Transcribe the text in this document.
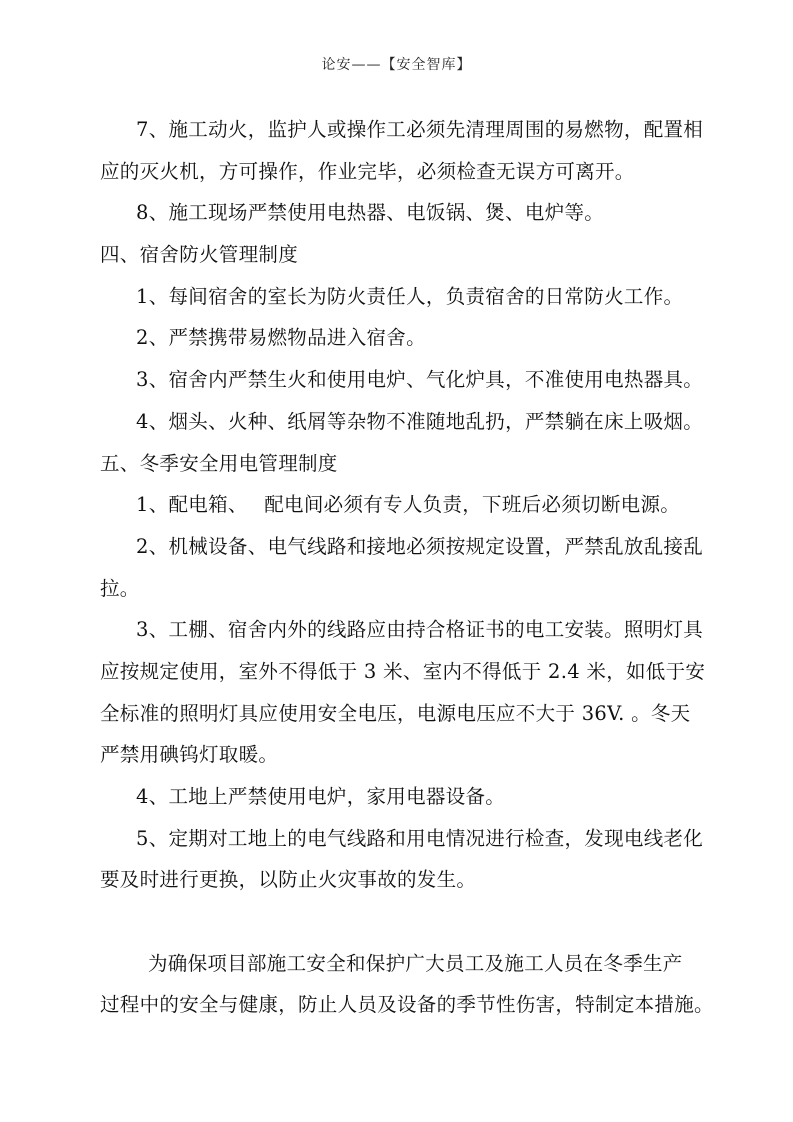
论安——【安全智库】
7、施工动火，监护人或操作工必须先清理周围的易燃物，配置相
应的灭火机，方可操作，作业完毕，必须检查无误方可离开。
8、施工现场严禁使用电热器、电饭锅、煲、电炉等。
四、宿舍防火管理制度
1、每间宿舍的室长为防火责任人，负责宿舍的日常防火工作。
2、严禁携带易燃物品进入宿舍。
3、宿舍内严禁生火和使用电炉、气化炉具，不准使用电热器具。
4、烟头、火种、纸屑等杂物不准随地乱扔，严禁躺在床上吸烟。
五、冬季安全用电管理制度
1、配电箱、　 配电间必须有专人负责，下班后必须切断电源。
2、机械设备、电气线路和接地必须按规定设置，严禁乱放乱接乱
拉。
3、工棚、宿舍内外的线路应由持合格证书的电工安装。照明灯具
应按规定使用，室外不得低于 3 米、室内不得低于 2.4 米，如低于安
全标准的照明灯具应使用安全电压，电源电压应不大于 36V. 。冬天
严禁用碘钨灯取暖。
4、工地上严禁使用电炉，家用电器设备。
5、定期对工地上的电气线路和用电情况进行检查，发现电线老化
要及时进行更换，以防止火灾事故的发生。
为确保项目部施工安全和保护广大员工及施工人员在冬季生产
过程中的安全与健康，防止人员及设备的季节性伤害，特制定本措施。
